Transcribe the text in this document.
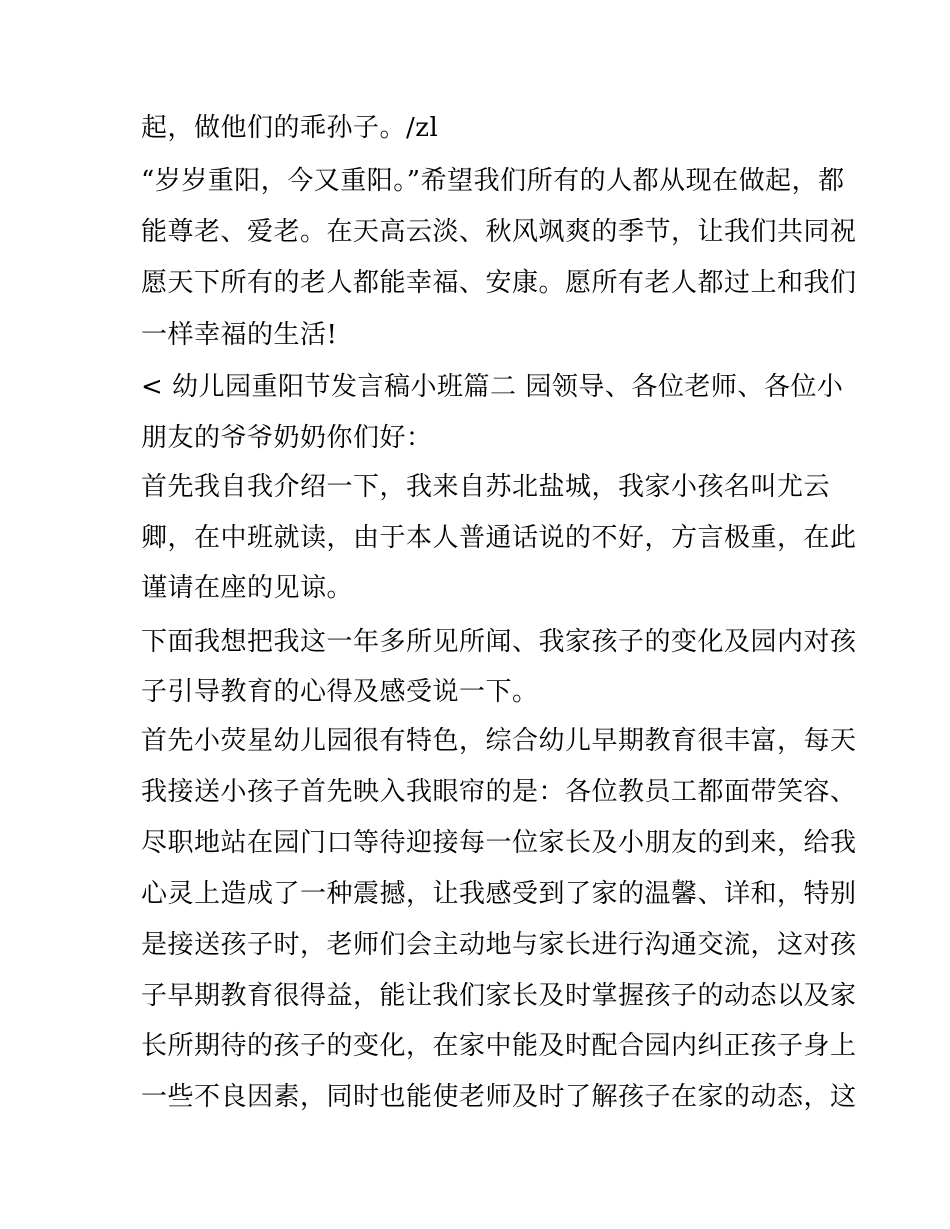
起，做他们的乖孙子。/zl
“岁岁重阳，今又重阳。”希望我们所有的人都从现在做起，都
能尊老、爱老。在天高云淡、秋风飒爽的季节，让我们共同祝
愿天下所有的老人都能幸福、安康。愿所有老人都过上和我们
一样幸福的生活!
< 幼儿园重阳节发言稿小班篇二 园领导、各位老师、各位小
朋友的爷爷奶奶你们好：
首先我自我介绍一下，我来自苏北盐城，我家小孩名叫尤云
卿，在中班就读，由于本人普通话说的不好，方言极重，在此
谨请在座的见谅。
下面我想把我这一年多所见所闻、我家孩子的变化及园内对孩
子引导教育的心得及感受说一下。
首先小荧星幼儿园很有特色，综合幼儿早期教育很丰富，每天
我接送小孩子首先映入我眼帘的是：各位教员工都面带笑容、
尽职地站在园门口等待迎接每一位家长及小朋友的到来，给我
心灵上造成了一种震撼，让我感受到了家的温馨、详和，特别
是接送孩子时，老师们会主动地与家长进行沟通交流，这对孩
子早期教育很得益，能让我们家长及时掌握孩子的动态以及家
长所期待的孩子的变化，在家中能及时配合园内纠正孩子身上
一些不良因素，同时也能使老师及时了解孩子在家的动态，这
